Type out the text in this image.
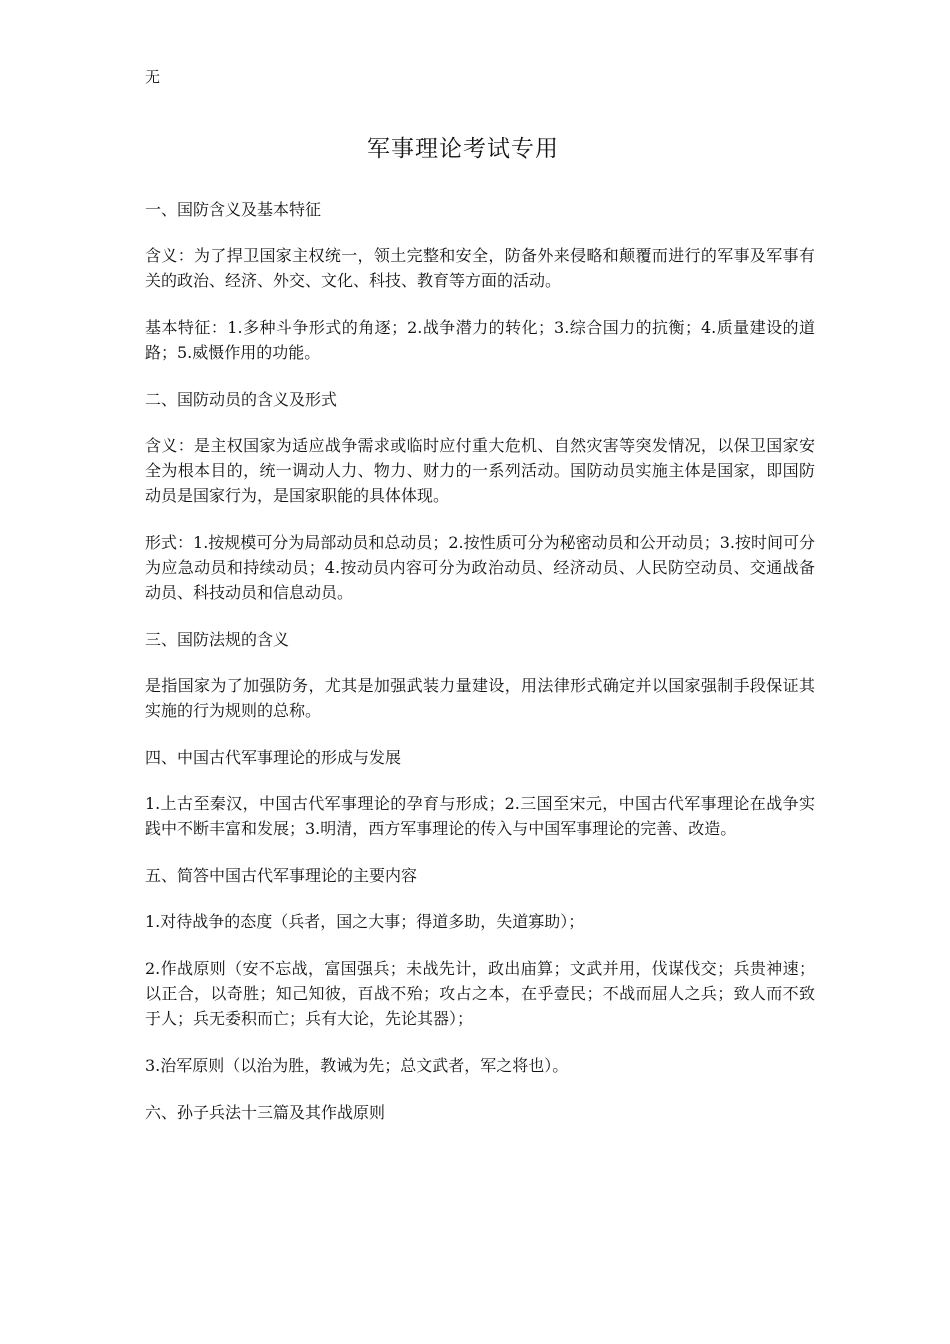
无
军事理论考试专用

一、国防含义及基本特征

含义：为了捍卫国家主权统一，领土完整和安全，防备外来侵略和颠覆而进行的军事及军事有关的政治、经济、外交、文化、科技、教育等方面的活动。

基本特征：1.多种斗争形式的角逐；2.战争潜力的转化；3.综合国力的抗衡；4.质量建设的道路；5.威慑作用的功能。

二、国防动员的含义及形式

含义：是主权国家为适应战争需求或临时应付重大危机、自然灾害等突发情况，以保卫国家安全为根本目的，统一调动人力、物力、财力的一系列活动。国防动员实施主体是国家，即国防动员是国家行为，是国家职能的具体体现。

形式：1.按规模可分为局部动员和总动员；2.按性质可分为秘密动员和公开动员；3.按时间可分为应急动员和持续动员；4.按动员内容可分为政治动员、经济动员、人民防空动员、交通战备动员、科技动员和信息动员。

三、国防法规的含义

是指国家为了加强防务，尤其是加强武装力量建设，用法律形式确定并以国家强制手段保证其实施的行为规则的总称。

四、中国古代军事理论的形成与发展

1.上古至秦汉，中国古代军事理论的孕育与形成；2.三国至宋元，中国古代军事理论在战争实践中不断丰富和发展；3.明清，西方军事理论的传入与中国军事理论的完善、改造。

五、简答中国古代军事理论的主要内容

1.对待战争的态度（兵者，国之大事；得道多助，失道寡助）；

2.作战原则（安不忘战，富国强兵；未战先计，政出庙算；文武并用，伐谋伐交；兵贵神速；以正合，以奇胜；知己知彼，百战不殆；攻占之本，在乎壹民；不战而屈人之兵；致人而不致于人；兵无委积而亡；兵有大论，先论其器）；

3.治军原则（以治为胜，教诫为先；总文武者，军之将也）。

六、孙子兵法十三篇及其作战原则
